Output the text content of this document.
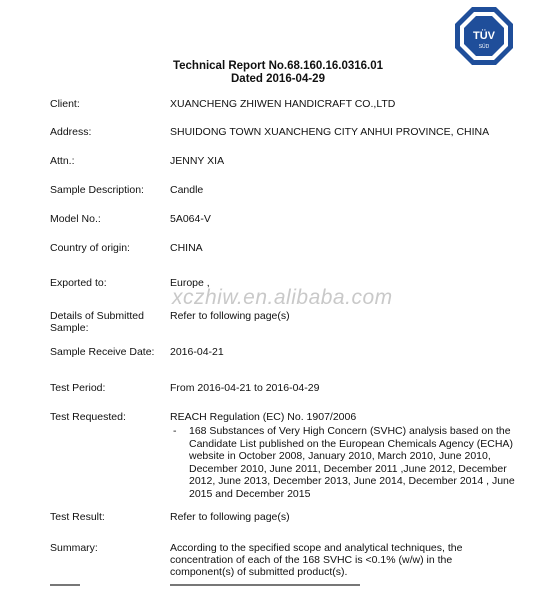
TÜV
SÜD
Technical Report No.68.160.16.0316.01
Dated 2016-04-29
Client:	XUANCHENG ZHIWEN HANDICRAFT CO.,LTD
Address:	SHUIDONG TOWN XUANCHENG CITY ANHUI PROVINCE, CHINA
Attn.:	JENNY XIA
Sample Description:	Candle
Model No.:	5A064-V
Country of origin:	CHINA
Exported to:	Europe ,
Details of Submitted Sample:
Refer to following page(s)
Sample Receive Date:	2016-04-21
Test Period:	From 2016-04-21 to 2016-04-29
Test Requested:	REACH Regulation (EC) No. 1907/2006
-	168 Substances of Very High Concern (SVHC) analysis based on the Candidate List published on the European Chemicals Agency (ECHA) website in October 2008, January 2010, March 2010, June 2010, December 2010, June 2011, December 2011 ,June 2012, December 2012, June 2013, December 2013, June 2014, December 2014 , June 2015 and December 2015
Test Result:	Refer to following page(s)
Summary:	According to the specified scope and analytical techniques, the concentration of each of the 168 SVHC is <0.1% (w/w) in the component(s) of submitted product(s).
xczhiw.en.alibaba.com
